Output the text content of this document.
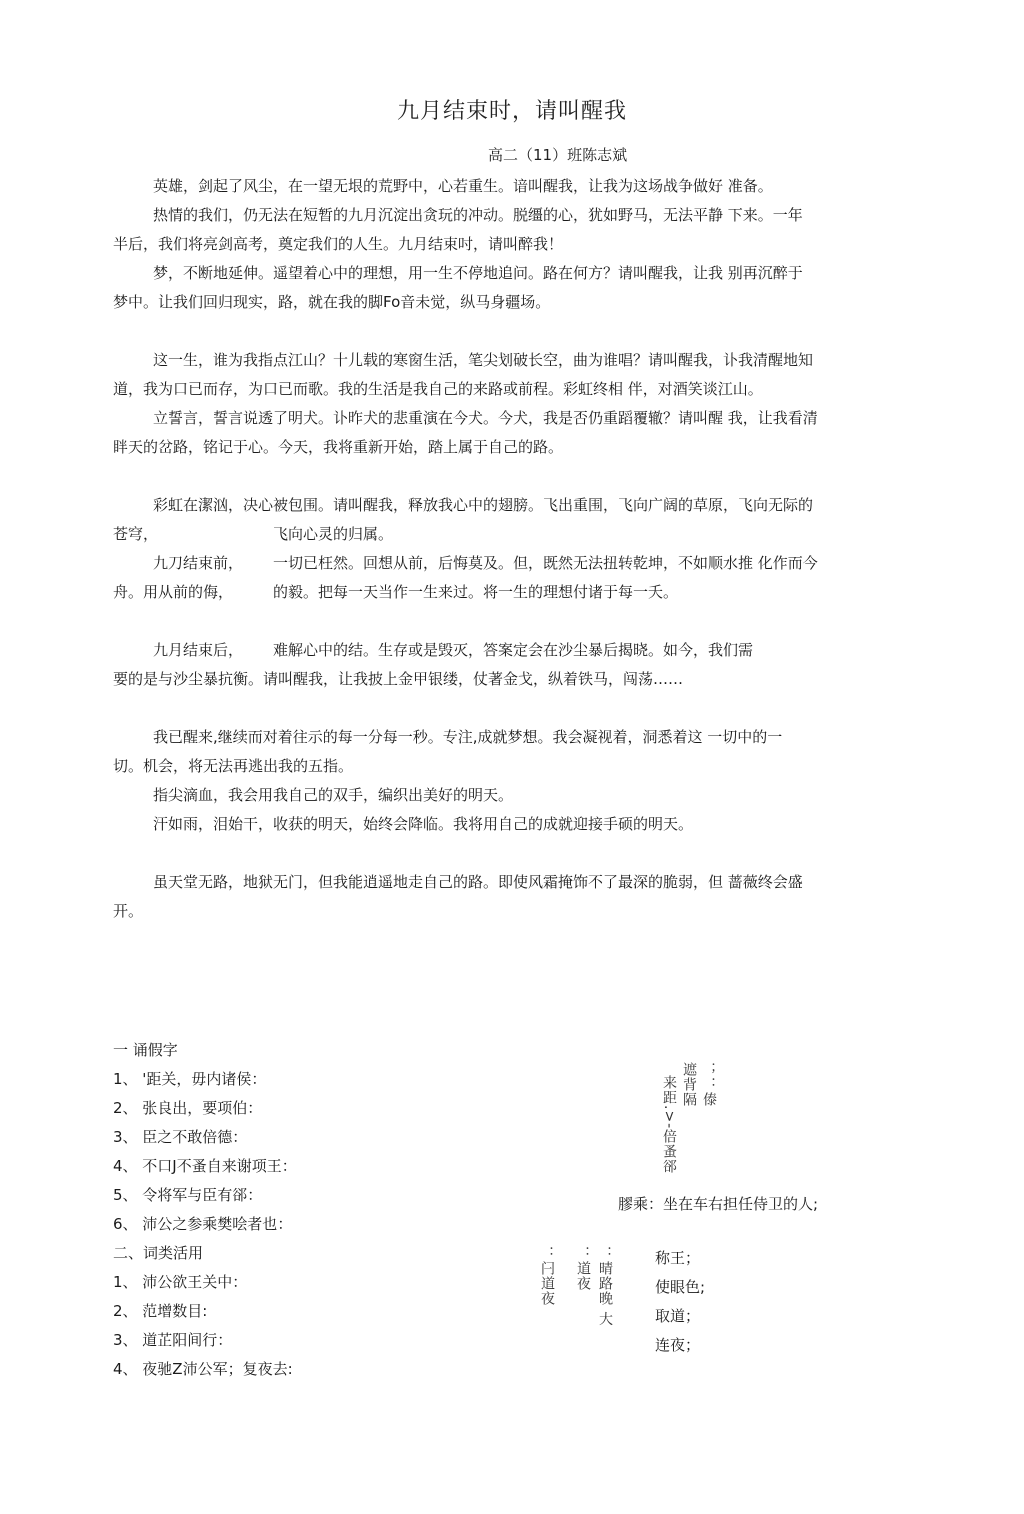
九月结束时，请叫醒我
高二（11）班陈志斌

英雄，剑起了风尘，在一望无垠的荒野中，心若重生。谙叫醒我，让我为这场战争做好 准备。

热情的我们，仍无法在短暂的九月沉淀出贪玩的冲动。脱缰的心，犹如野马，无法平静 下来。一年

半后，我们将亮剑高考，奠定我们的人生。九月结束吋，请叫醉我！

梦，不断地延伸。遥望着心中的理想，用一生不停地追问。路在何方？请叫醒我，让我 别再沉醉于

梦中。让我们回归现实，路，就在我的脚Fo音未觉，纵马身疆场。

这一生，谁为我指点江山？十儿载的寒窗生活，笔尖划破长空，曲为谁唱？请叫醒我，讣我清醒地知

道，我为口已而存，为口已而歌。我的生活是我自己的来路或前程。彩虹终相 伴，对酒笑谈江山。

立誓言，誓言说透了明犬。讣昨犬的悲重演在今犬。今犬，我是否仍重蹈覆辙？请叫醒 我，让我看清

眫天的岔路，铭记于心。今天，我将重新开始，踏上属于自己的路。

彩虹在潔汹，决心被包围。请叫醒我，释放我心中的翅膀。飞出重围，飞向广阔的草原，飞向无际的

苍穹，	飞向心灵的归属。
九刀结束前， 一切已枉然。回想从前，后悔莫及。但，既然无法扭转乾坤，不如顺水推 化作而今
舟。用从前的侮，	的毅。把每一天当作一生来过。将一生的理想付诸于每一夭。
九月结束后， 难解心中的结。生存或是毁灭，答案定会在沙尘暴后揭晓。如今，我们需

要的是与沙尘暴抗衡。请叫醒我，让我披上金甲银缕，仗著金戈，纵着铁马，闯荡……

我已醒来,继续而对着往示的每一分每一秒。专注,成就梦想。我会凝视着，洞悉着这 一切中的一

切。机会，将无法再逃出我的五指。

指尖滴血，我会用我自己的双手，编织出美好的明天。

汗如雨，泪始干，收获的明天，始终会降临。我将用自己的成就迎接手硕的明天。

虽天堂无路，地狱无门，但我能逍遥地走自己的路。即使风霜掩饰不了最深的脆弱，但 蔷薇终会盛

开。

一 诵假字
1、 '距关，毋内诸侯：
2、 张良出，要项伯：
3、 臣之不敢倍德：
4、 不口J不蚤自来谢项王：
5、 令将军与臣有郤：
6、 沛公之参乘樊哙者也：
二、词类活用
1、 沛公欲王关中：
2、 范增数目:
3、 道芷阳间行：
4、 夜驰Z沛公军；复夜去:
；：傣
遮背隔
来距.>-倍蚤郤
膠乘：坐在车右担任侍卫的人;
：晴路晚 大
：道夜
：闩道夜	称王；
使眼色;
取道；
连夜；
